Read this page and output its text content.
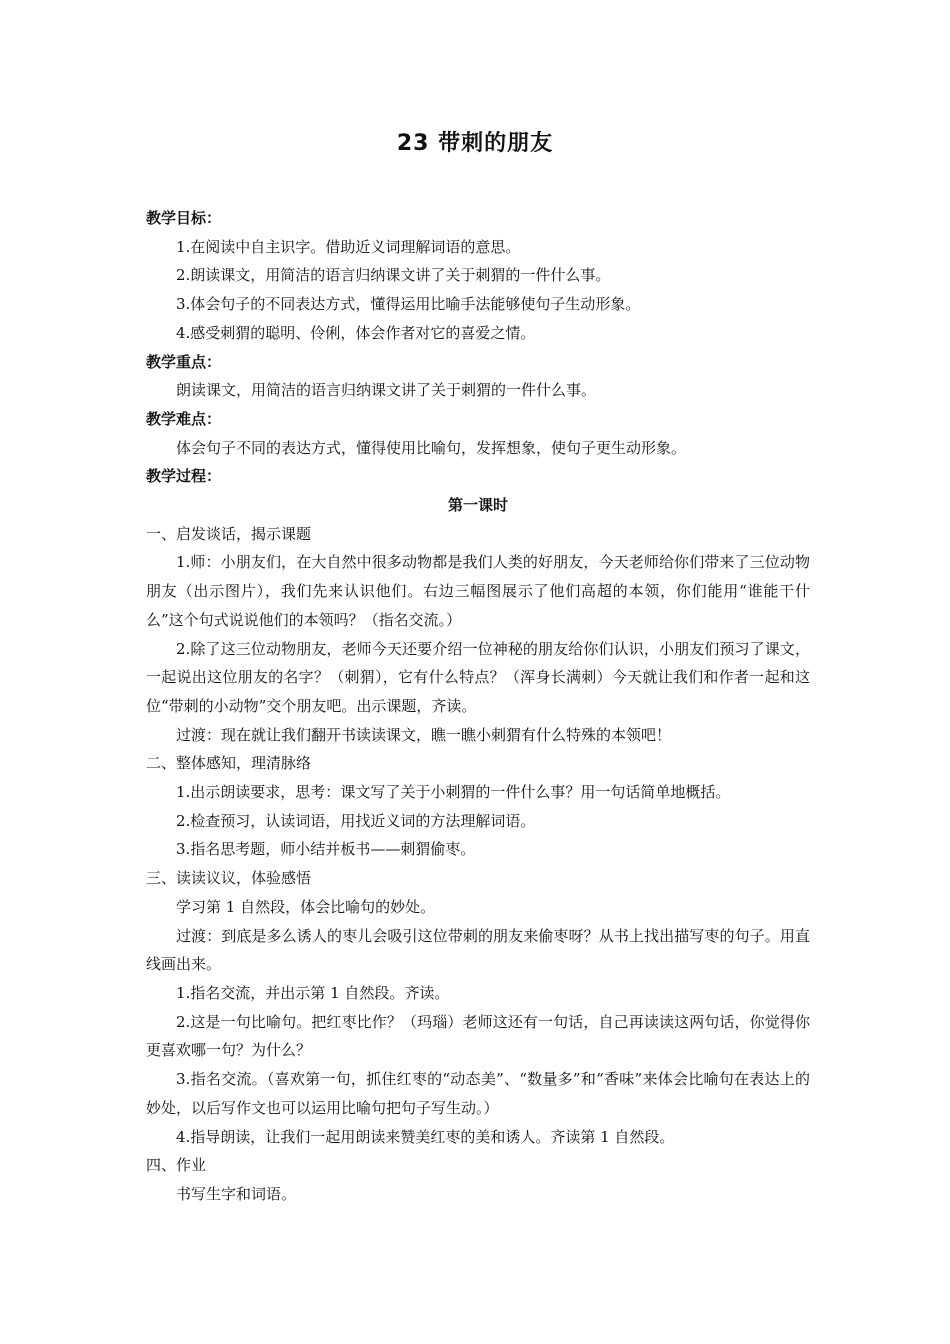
23 带刺的朋友

教学目标：

1.在阅读中自主识字。借助近义词理解词语的意思。

2.朗读课文，用简洁的语言归纳课文讲了关于刺猬的一件什么事。

3.体会句子的不同表达方式，懂得运用比喻手法能够使句子生动形象。

4.感受刺猬的聪明、伶俐，体会作者对它的喜爱之情。

教学重点：

朗读课文，用简洁的语言归纳课文讲了关于刺猬的一件什么事。

教学难点：

体会句子不同的表达方式，懂得使用比喻句，发挥想象，使句子更生动形象。

教学过程：

第一课时

一、启发谈话，揭示课题

1.师：小朋友们，在大自然中很多动物都是我们人类的好朋友，今天老师给你们带来了三位动物朋友（出示图片），我们先来认识他们。右边三幅图展示了他们高超的本领，你们能用“谁能干什么”这个句式说说他们的本领吗？（指名交流。）

2.除了这三位动物朋友，老师今天还要介绍一位神秘的朋友给你们认识，小朋友们预习了课文，一起说出这位朋友的名字？（刺猬），它有什么特点？（浑身长满刺）今天就让我们和作者一起和这位“带刺的小动物”交个朋友吧。出示课题，齐读。

过渡：现在就让我们翻开书读读课文，瞧一瞧小刺猬有什么特殊的本领吧！

二、整体感知，理清脉络

1.出示朗读要求，思考：课文写了关于小刺猬的一件什么事？用一句话简单地概括。

2.检查预习，认读词语，用找近义词的方法理解词语。

3.指名思考题，师小结并板书——刺猬偷枣。

三、读读议议，体验感悟

学习第 1 自然段，体会比喻句的妙处。

过渡：到底是多么诱人的枣儿会吸引这位带刺的朋友来偷枣呀？从书上找出描写枣的句子。用直线画出来。

1.指名交流，并出示第 1 自然段。齐读。

2.这是一句比喻句。把红枣比作？（玛瑙）老师这还有一句话，自己再读读这两句话，你觉得你更喜欢哪一句？为什么？

3.指名交流。（喜欢第一句，抓住红枣的“动态美”、“数量多”和“香味”来体会比喻句在表达上的妙处，以后写作文也可以运用比喻句把句子写生动。）

4.指导朗读，让我们一起用朗读来赞美红枣的美和诱人。齐读第 1 自然段。

四、作业

书写生字和词语。
